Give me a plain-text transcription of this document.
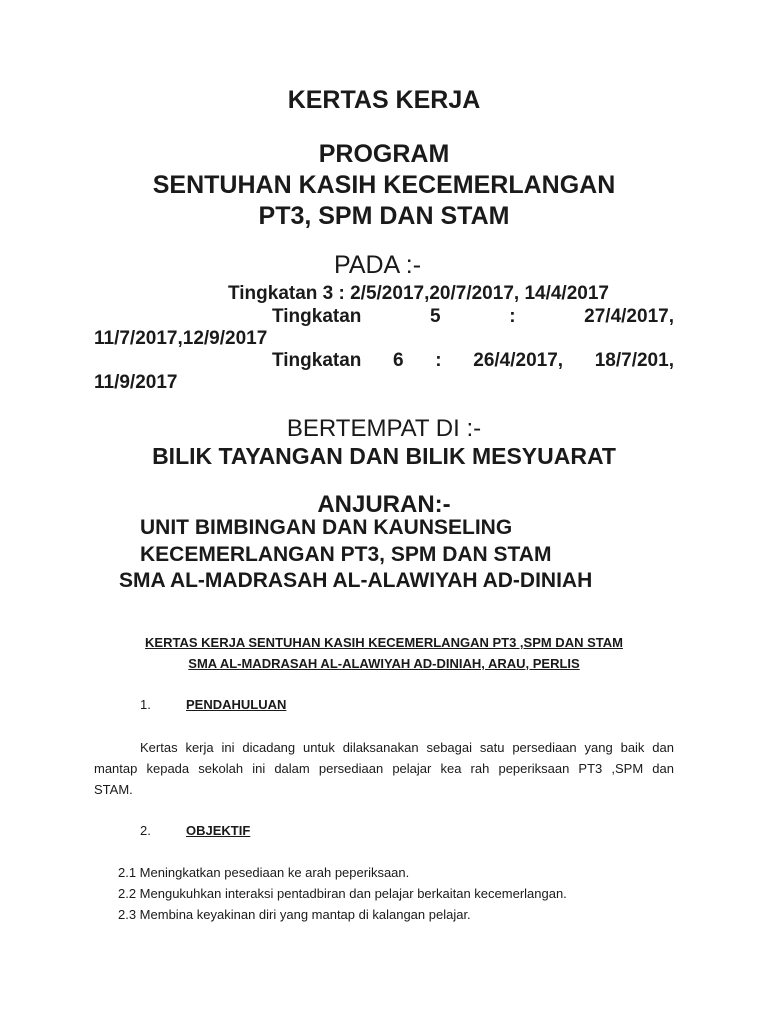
KERTAS KERJA
PROGRAM
SENTUHAN KASIH KECEMERLANGAN
PT3, SPM DAN STAM
PADA :-
Tingkatan 3 : 2/5/2017,20/7/2017, 14/4/2017
Tingkatan	5	:	27/4/2017,
11/7/2017,12/9/2017
Tingkatan 6 : 26/4/2017, 18/7/201,
11/9/2017
BERTEMPAT DI :-
BILIK TAYANGAN DAN BILIK MESYUARAT
ANJURAN:-
UNIT BIMBINGAN DAN KAUNSELING
KECEMERLANGAN PT3, SPM DAN STAM
SMA AL-MADRASAH AL-ALAWIYAH AD-DINIAH
KERTAS KERJA SENTUHAN KASIH KECEMERLANGAN PT3 ,SPM DAN STAM
SMA AL-MADRASAH AL-ALAWIYAH AD-DINIAH, ARAU, PERLIS
1.	PENDAHULUAN
Kertas kerja ini dicadang untuk dilaksanakan sebagai satu persediaan yang baik dan
mantap kepada sekolah ini dalam persediaan pelajar kea rah peperiksaan PT3 ,SPM dan
STAM.
2.	OBJEKTIF
2.1 Meningkatkan pesediaan ke arah peperiksaan.
2.2 Mengukuhkan interaksi pentadbiran dan pelajar berkaitan kecemerlangan.
2.3 Membina keyakinan diri yang mantap di kalangan pelajar.
